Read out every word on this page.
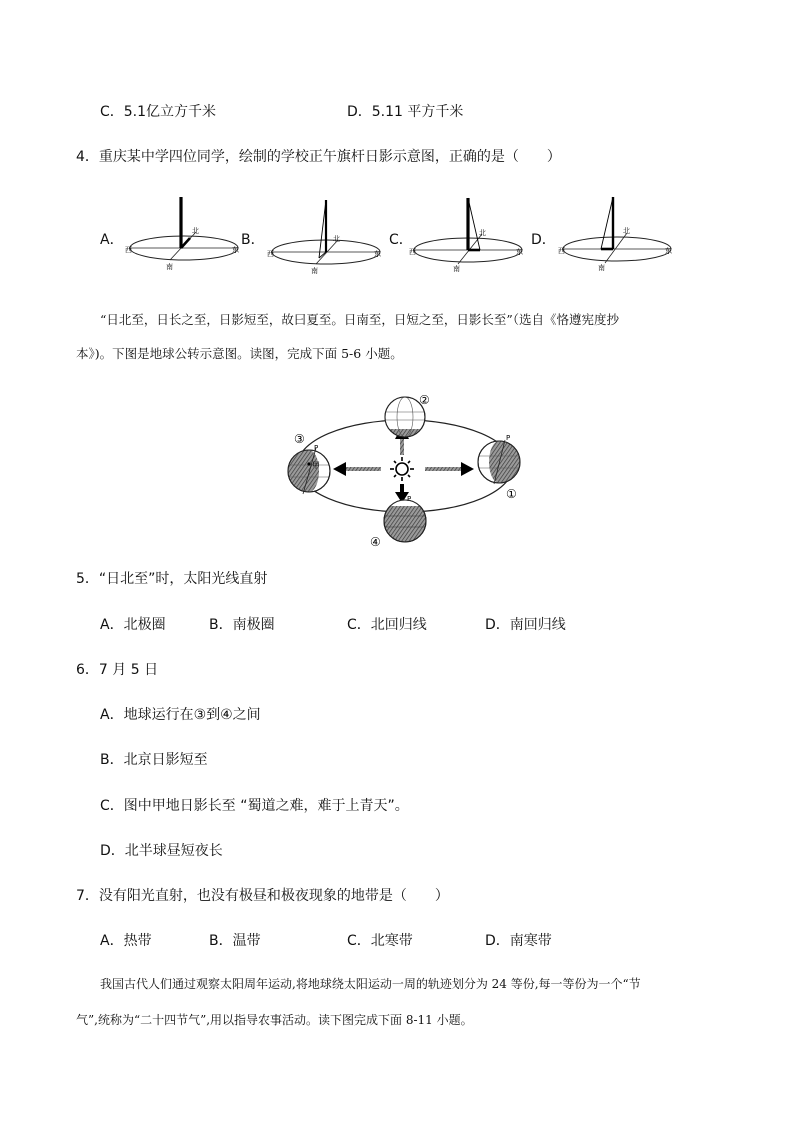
C．5.1亿立方千米	D．5.11 平方千米
4．重庆某中学四位同学，绘制的学校正午旗杆日影示意图，正确的是（　　）
A．	B．	C．	D．
北
西	东
南
北
西	东
南
北
西	东
南
北
西	东
南
“日北至，日长之至，日影短至，故曰夏至。日南至，日短之至，日影长至”（选自《恪遵宪度抄
本》)。下图是地球公转示意图。读图，完成下面 5-6 小题。
②
P
①
P
甲
③
P
④
5．“日北至”时，太阳光线直射
A．北极圈	B．南极圈	C．北回归线	D．南回归线
6．7 月 5 日
A．地球运行在③到④之间
B．北京日影短至
C．图中甲地日影长至 “蜀道之难，难于上青天”。
D．北半球昼短夜长
7．没有阳光直射，也没有极昼和极夜现象的地带是（　　）
A．热带	B．温带	C．北寒带	D．南寒带
我国古代人们通过观察太阳周年运动,将地球绕太阳运动一周的轨迹划分为 24 等份,每一等份为一个“节
气”,统称为“二十四节气”,用以指导农事活动。读下图完成下面 8-11 小题。
